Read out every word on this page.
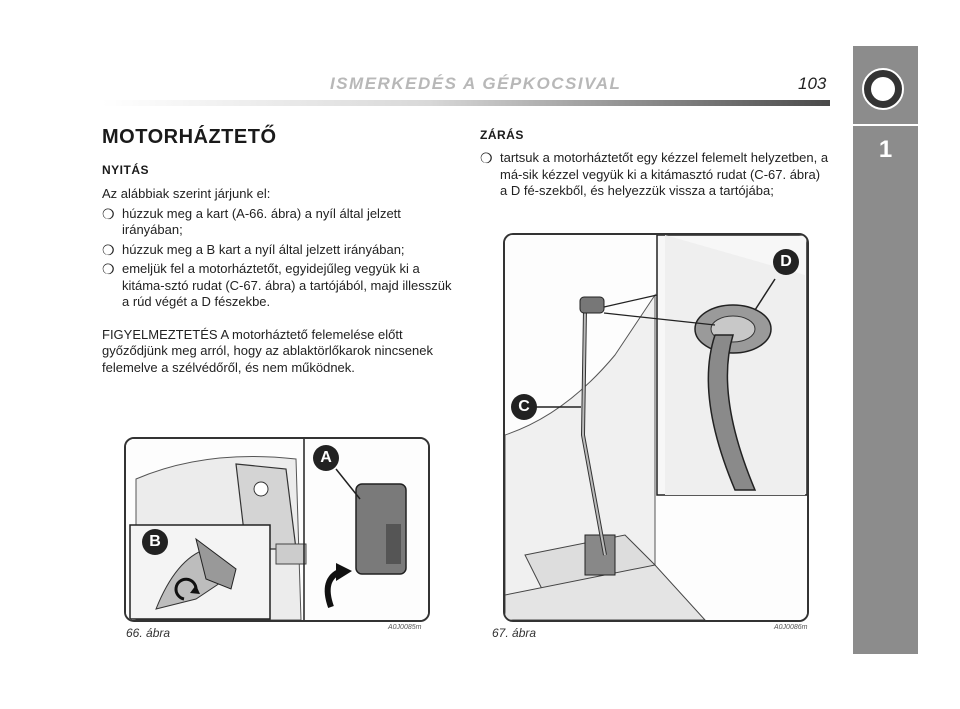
ISMERKEDÉS A GÉPKOCSIVAL	103
1
MOTORHÁZTETŐ
NYITÁS
Az alábbiak szerint járjunk el:
❍ húzzuk meg a kart (A-66. ábra) a nyíl által jelzett irányában;
❍ húzzuk meg a B kart a nyíl által jelzett irányában;
❍ emeljük fel a motorháztetőt, egyidejűleg vegyük ki a kitáma-sztó rudat (C-67. ábra) a tartójából, majd illesszük a rúd végét a D fészekbe.
FIGYELMEZTETÉS A motorháztető felemelése előtt győződjünk meg arról, hogy az ablaktörlőkarok nincsenek felemelve a szélvédőről, és nem működnek.
ZÁRÁS
❍ tartsuk a motorháztetőt egy kézzel felemelt helyzetben, a má-sik kézzel vegyük ki a kitámasztó rudat (C-67. ábra) a D fé-szekből, és helyezzük vissza a tartójába;
A
B
66. ábra	A0J0085m
D
C
67. ábra	A0J0086m
